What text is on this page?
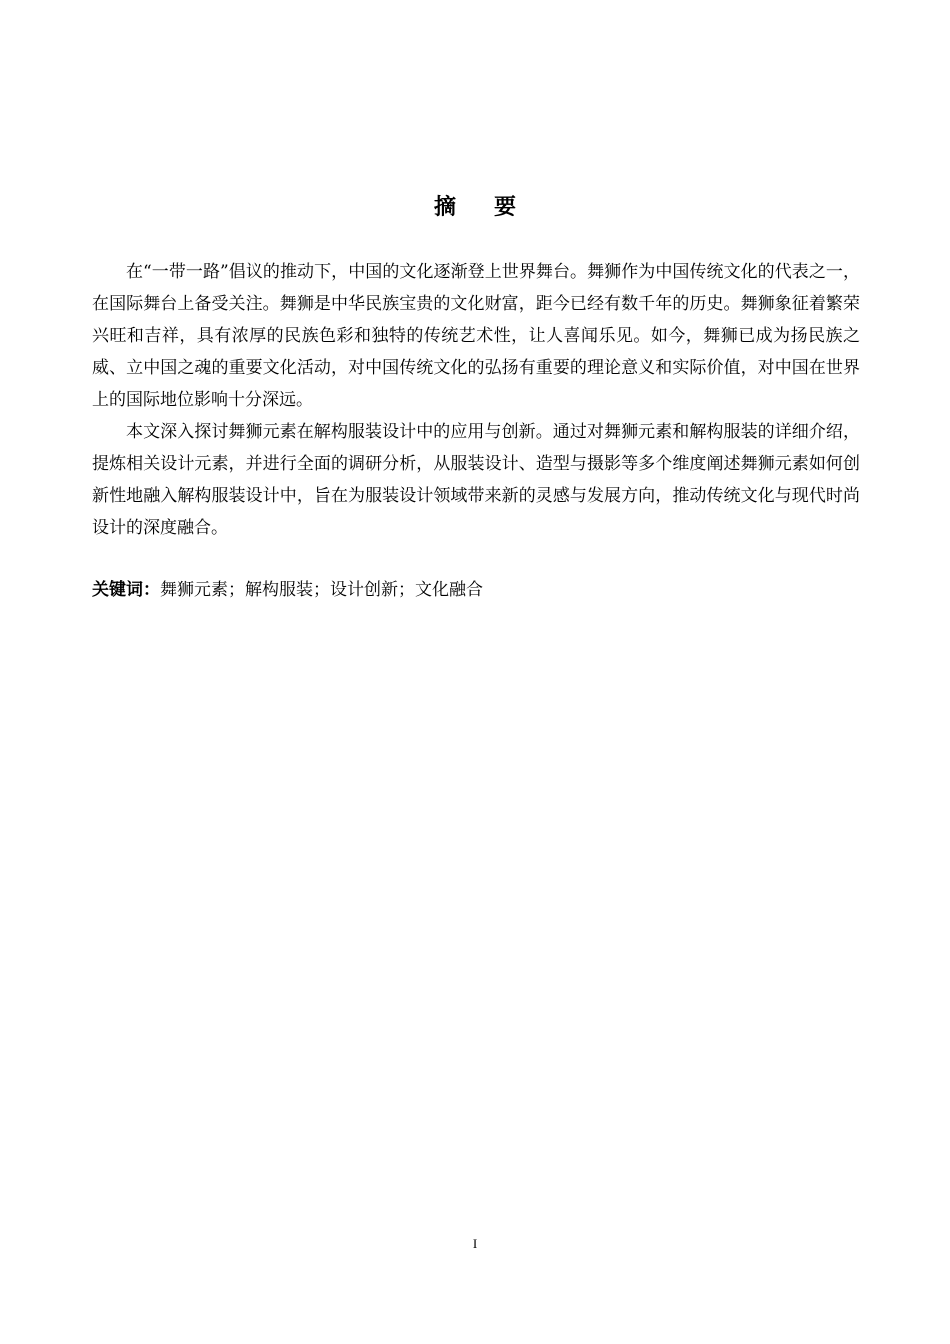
摘要

在“一带一路”倡议的推动下，中国的文化逐渐登上世界舞台。舞狮作为中国传统文化的代表之一，在国际舞台上备受关注。舞狮是中华民族宝贵的文化财富，距今已经有数千年的历史。舞狮象征着繁荣兴旺和吉祥，具有浓厚的民族色彩和独特的传统艺术性，让人喜闻乐见。如今，舞狮已成为扬民族之威、立中国之魂的重要文化活动，对中国传统文化的弘扬有重要的理论意义和实际价值，对中国在世界上的国际地位影响十分深远。

本文深入探讨舞狮元素在解构服装设计中的应用与创新。通过对舞狮元素和解构服装的详细介绍，提炼相关设计元素，并进行全面的调研分析，从服装设计、造型与摄影等多个维度阐述舞狮元素如何创新性地融入解构服装设计中，旨在为服装设计领域带来新的灵感与发展方向，推动传统文化与现代时尚设计的深度融合。

关键词：舞狮元素；解构服装；设计创新；文化融合
I
